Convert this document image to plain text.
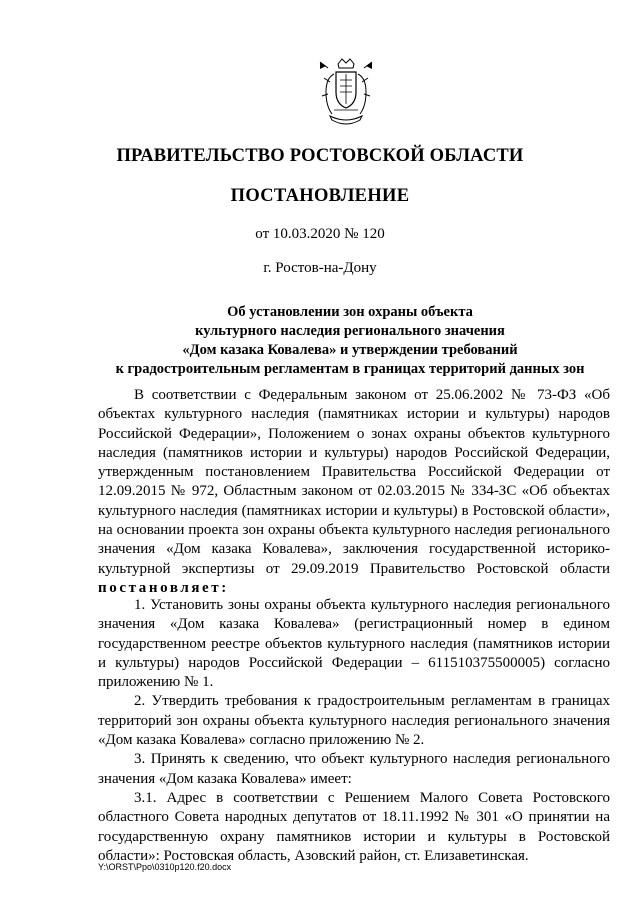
ПРАВИТЕЛЬСТВО РОСТОВСКОЙ ОБЛАСТИ
ПОСТАНОВЛЕНИЕ
от 10.03.2020 № 120
г. Ростов-на-Дону
Об установлении зон охраны объекта
культурного наследия регионального значения
«Дом казака Ковалева» и утверждении требований
к градостроительным регламентам в границах территорий данных зон

В соответствии с Федеральным законом от 25.06.2002 № 73-ФЗ «Об объектах культурного наследия (памятниках истории и культуры) народов Российской Федерации», Положением о зонах охраны объектов культурного наследия (памятников истории и культуры) народов Российской Федерации, утвержденным постановлением Правительства Российской Федерации от 12.09.2015 № 972, Областным законом от 02.03.2015 № 334-ЗС «Об объектах культурного наследия (памятниках истории и культуры) в Ростовской области», на основании проекта зон охраны объекта культурного наследия регионального значения «Дом казака Ковалева», заключения государственной историко-культурной экспертизы от 29.09.2019 Правительство Ростовской области постановляет:

1. Установить зоны охраны объекта культурного наследия регионального значения «Дом казака Ковалева» (регистрационный номер в едином государственном реестре объектов культурного наследия (памятников истории и культуры) народов Российской Федерации – 611510375500005) согласно приложению № 1.

2. Утвердить требования к градостроительным регламентам в границах территорий зон охраны объекта культурного наследия регионального значения «Дом казака Ковалева» согласно приложению № 2.

3. Принять к сведению, что объект культурного наследия регионального значения «Дом казака Ковалева» имеет:

3.1. Адрес в соответствии с Решением Малого Совета Ростовского областного Совета народных депутатов от 18.11.1992 № 301 «О принятии на государственную охрану памятников истории и культуры в Ростовской области»: Ростовская область, Азовский район, ст. Елизаветинская.

Y:\ORST\Ppo\0310p120.f20.docx
